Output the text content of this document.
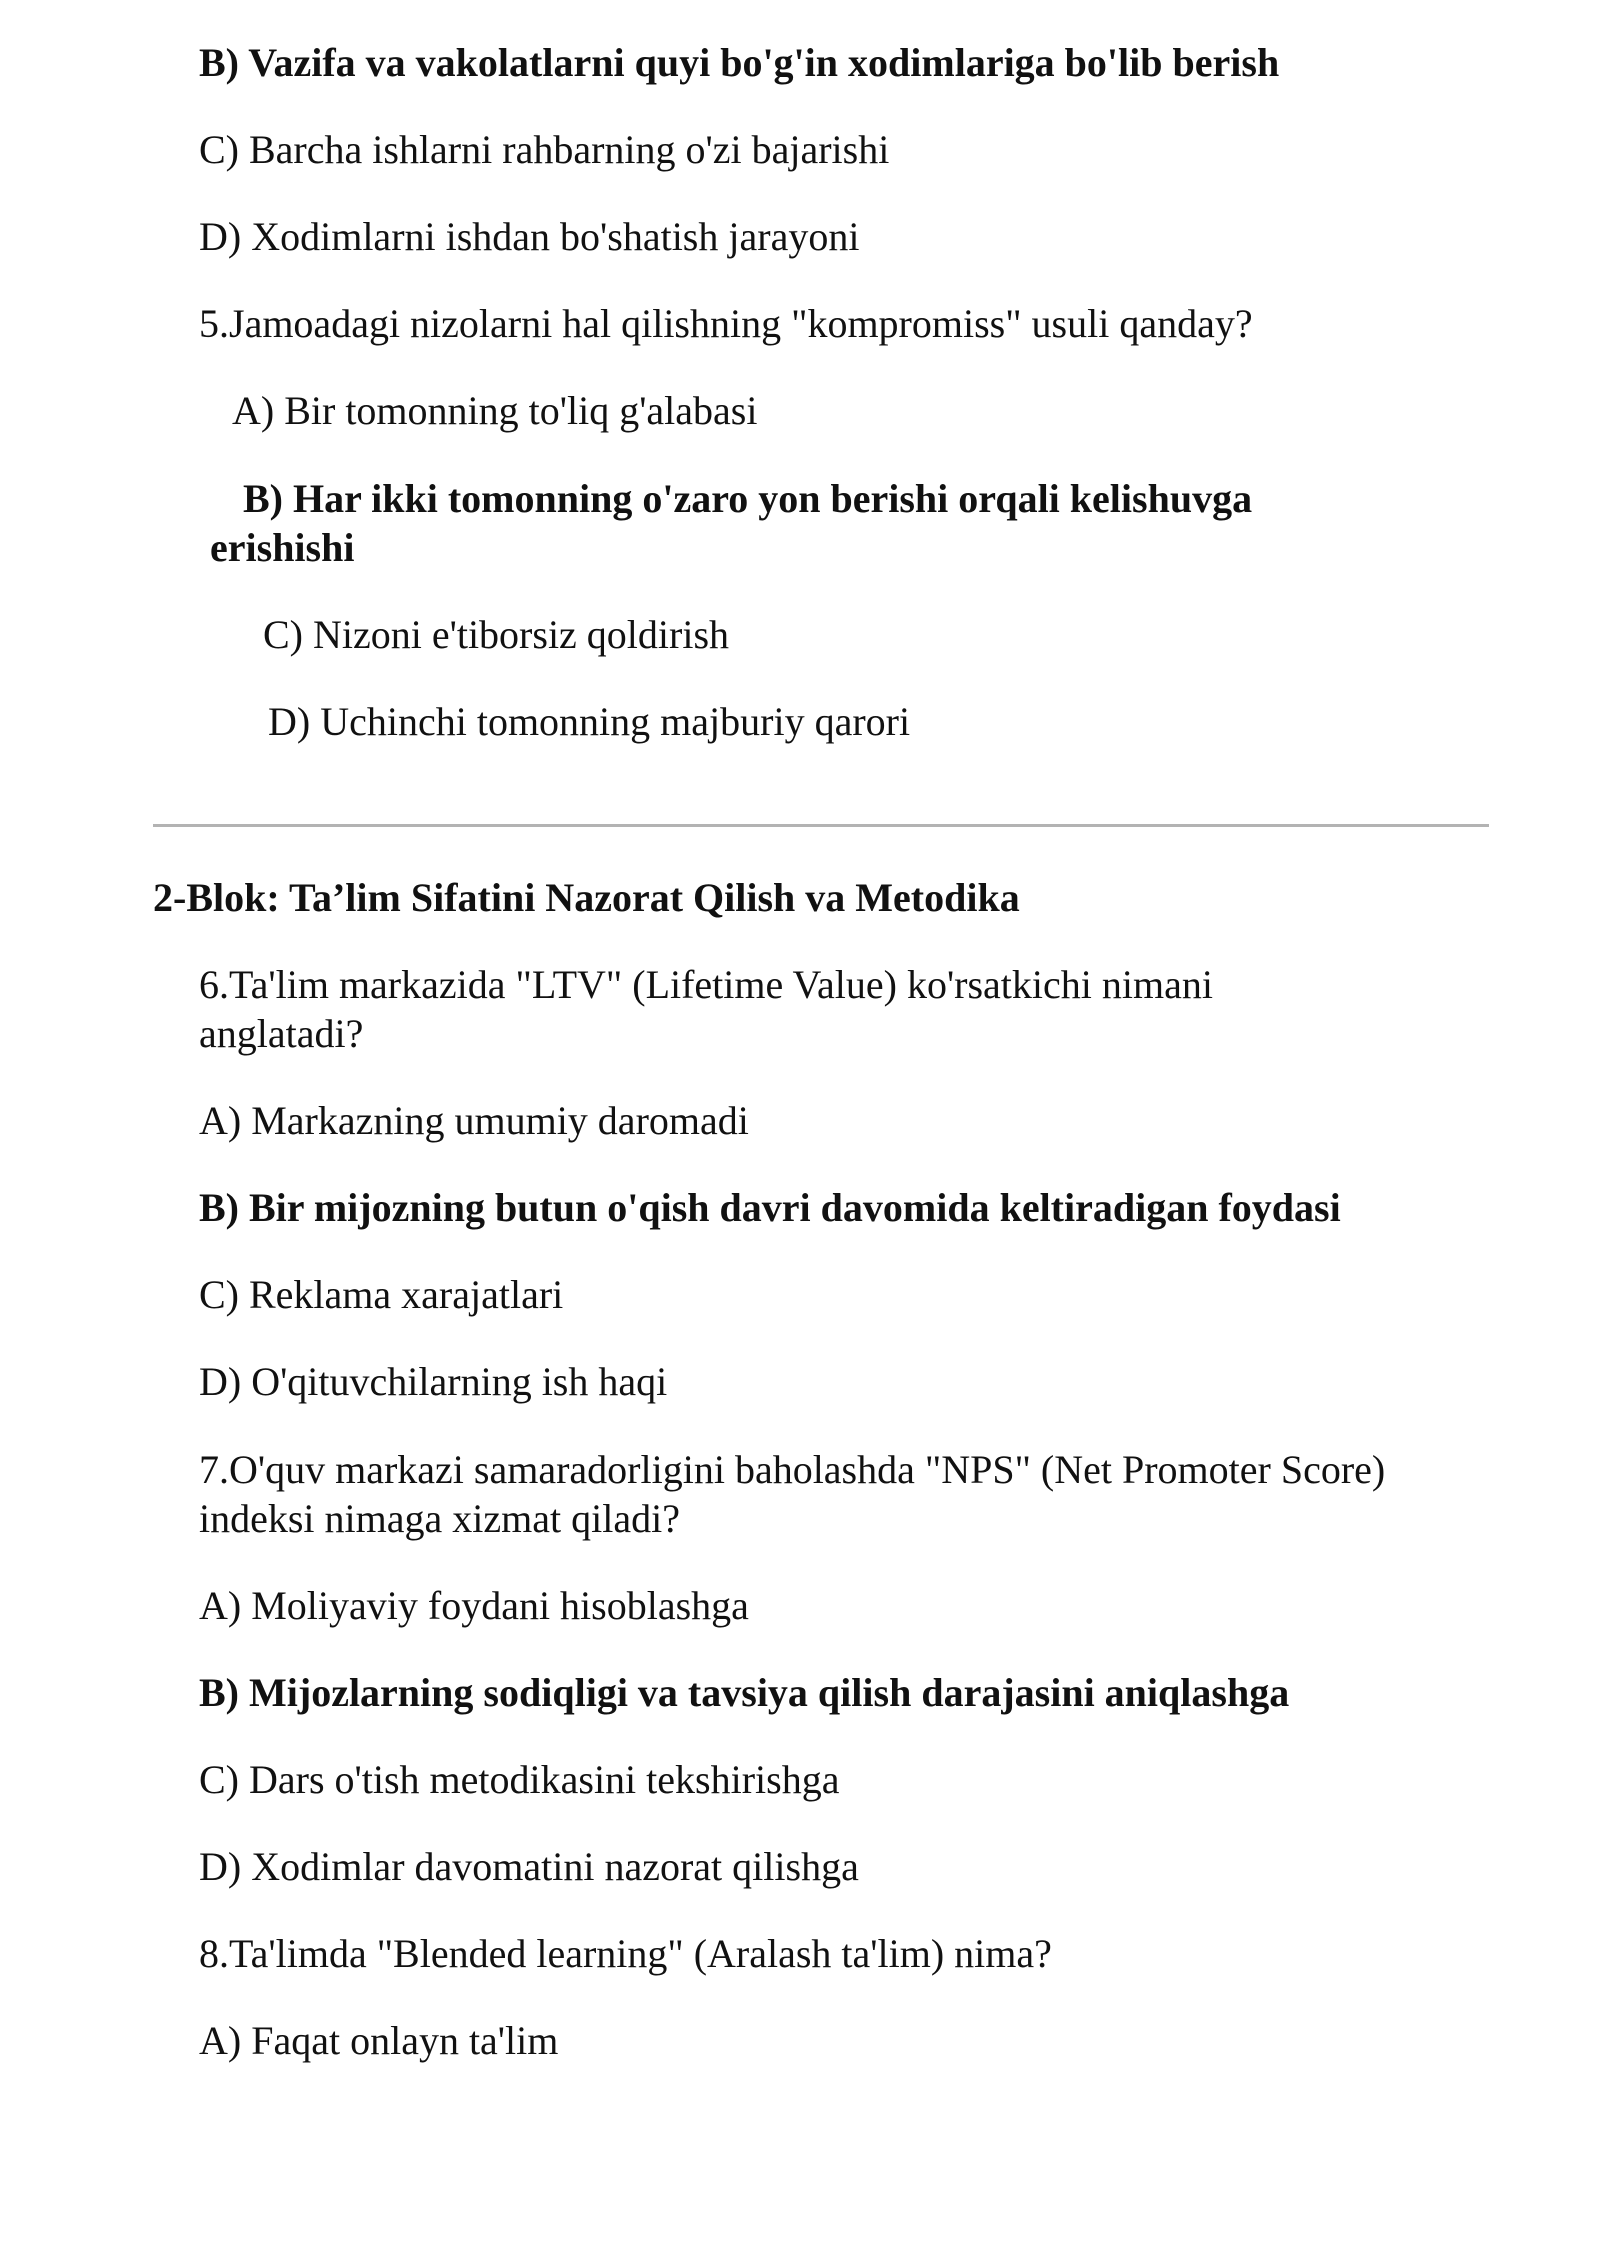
B) Vazifa va vakolatlarni quyi bo'g'in xodimlariga bo'lib berish

C) Barcha ishlarni rahbarning o'zi bajarishi

D) Xodimlarni ishdan bo'shatish jarayoni

5.Jamoadagi nizolarni hal qilishning "kompromiss" usuli qanday?

A) Bir tomonning to'liq g'alabasi

B) Har ikki tomonning o'zaro yon berishi orqali kelishuvga

erishishi

C) Nizoni e'tiborsiz qoldirish

D) Uchinchi tomonning majburiy qarori

2-Blok: Ta’lim Sifatini Nazorat Qilish va Metodika

6.Ta'lim markazida "LTV" (Lifetime Value) ko'rsatkichi nimani

anglatadi?

A) Markazning umumiy daromadi

B) Bir mijozning butun o'qish davri davomida keltiradigan foydasi

C) Reklama xarajatlari

D) O'qituvchilarning ish haqi

7.O'quv markazi samaradorligini baholashda "NPS" (Net Promoter Score)

indeksi nimaga xizmat qiladi?

A) Moliyaviy foydani hisoblashga

B) Mijozlarning sodiqligi va tavsiya qilish darajasini aniqlashga

C) Dars o'tish metodikasini tekshirishga

D) Xodimlar davomatini nazorat qilishga

8.Ta'limda "Blended learning" (Aralash ta'lim) nima?

A) Faqat onlayn ta'lim
